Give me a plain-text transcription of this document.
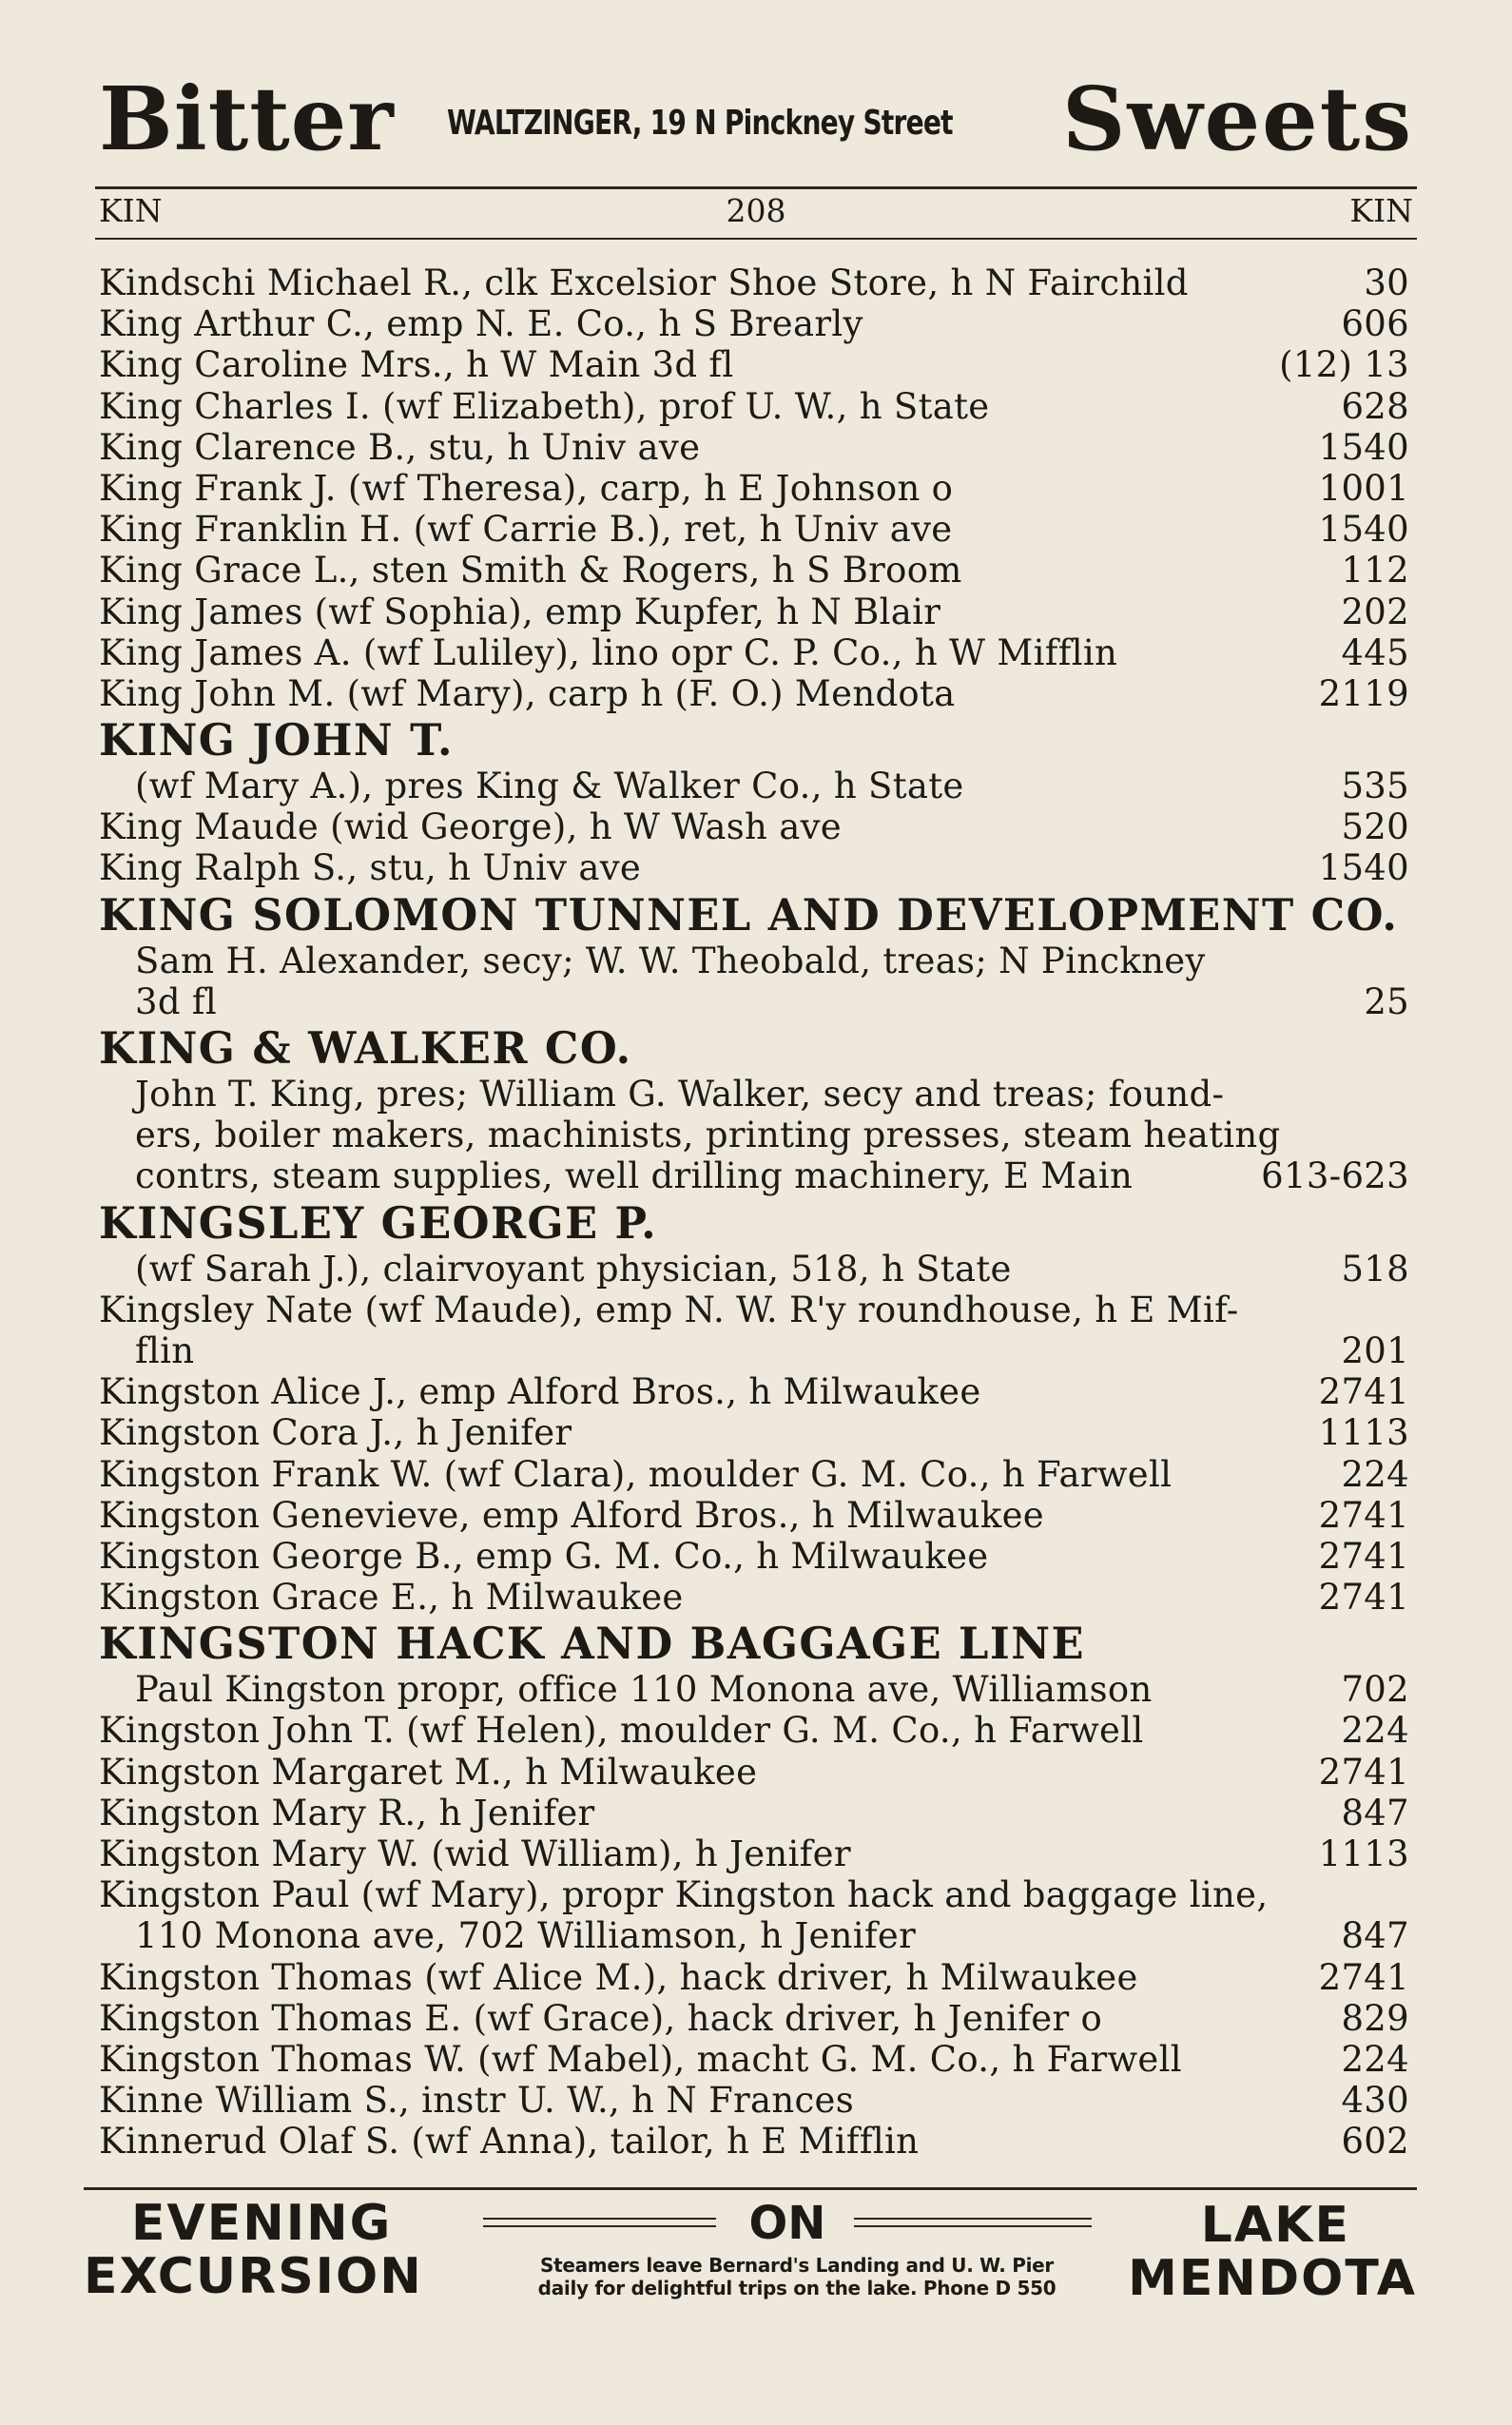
Bitter WALTZINGER, 19 N Pinckney Street Sweets
KIN	208	KIN
Kindschi Michael R., clk Excelsior Shoe Store, h N Fairchild	30
King Arthur C., emp N. E. Co., h S Brearly	606
King Caroline Mrs., h W Main 3d fl	(12) 13
King Charles I. (wf Elizabeth), prof U. W., h State	628
King Clarence B., stu, h Univ ave	1540
King Frank J. (wf Theresa), carp, h E Johnson o	1001
King Franklin H. (wf Carrie B.), ret, h Univ ave	1540
King Grace L., sten Smith & Rogers, h S Broom	112
King James (wf Sophia), emp Kupfer, h N Blair	202
King James A. (wf Luliley), lino opr C. P. Co., h W Mifflin	445
King John M. (wf Mary), carp h (F. O.) Mendota	2119
KING JOHN T.
(wf Mary A.), pres King & Walker Co., h State	535
King Maude (wid George), h W Wash ave	520
King Ralph S., stu, h Univ ave	1540
KING SOLOMON TUNNEL AND DEVELOPMENT CO.
Sam H. Alexander, secy; W. W. Theobald, treas; N Pinckney
3d fl	25
KING & WALKER CO.
John T. King, pres; William G. Walker, secy and treas; found-
ers, boiler makers, machinists, printing presses, steam heating
contrs, steam supplies, well drilling machinery, E Main	613-623
KINGSLEY GEORGE P.
(wf Sarah J.), clairvoyant physician, 518, h State	518
Kingsley Nate (wf Maude), emp N. W. R'y roundhouse, h E Mif-
flin	201
Kingston Alice J., emp Alford Bros., h Milwaukee	2741
Kingston Cora J., h Jenifer	1113
Kingston Frank W. (wf Clara), moulder G. M. Co., h Farwell	224
Kingston Genevieve, emp Alford Bros., h Milwaukee	2741
Kingston George B., emp G. M. Co., h Milwaukee	2741
Kingston Grace E., h Milwaukee	2741
KINGSTON HACK AND BAGGAGE LINE
Paul Kingston propr, office 110 Monona ave, Williamson	702
Kingston John T. (wf Helen), moulder G. M. Co., h Farwell	224
Kingston Margaret M., h Milwaukee	2741
Kingston Mary R., h Jenifer	847
Kingston Mary W. (wid William), h Jenifer	1113
Kingston Paul (wf Mary), propr Kingston hack and baggage line,
110 Monona ave, 702 Williamson, h Jenifer	847
Kingston Thomas (wf Alice M.), hack driver, h Milwaukee	2741
Kingston Thomas E. (wf Grace), hack driver, h Jenifer o	829
Kingston Thomas W. (wf Mabel), macht G. M. Co., h Farwell	224
Kinne William S., instr U. W., h N Frances	430
Kinnerud Olaf S. (wf Anna), tailor, h E Mifflin	602
EVENING	ON	LAKE
EXCURSION	Steamers leave Bernard's Landing and U. W. Pier
daily for delightful trips on the lake. Phone D 550	MENDOTA
